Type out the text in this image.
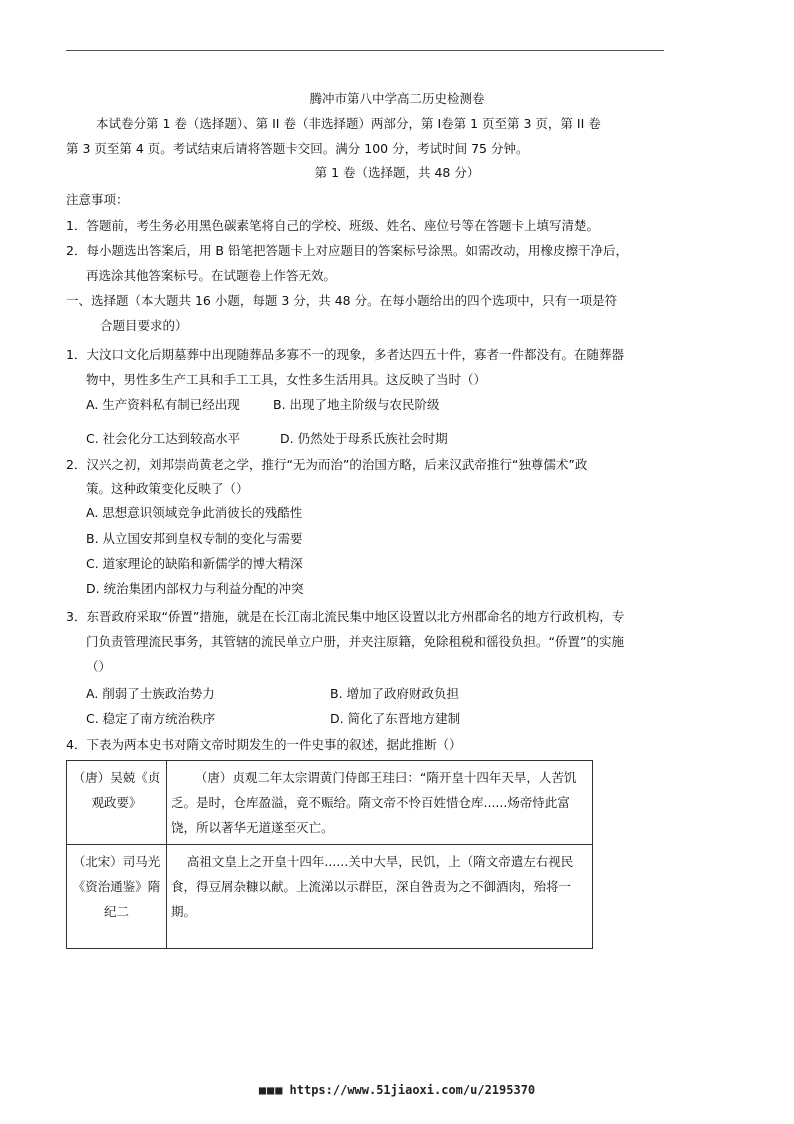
腾冲市第八中学高二历史检测卷
本试卷分第 1 卷（选择题）、第 II 卷（非选择题）两部分，第 Ⅰ卷第 1 页至第 3 页，第 II 卷
第 3 页至第 4 页。考试结束后请将答题卡交回。满分 100 分，考试时间 75 分钟。
第 1 卷（选择题，共 48 分）
注意事项：
1．答题前，考生务必用黑色碳素笔将自己的学校、班级、姓名、座位号等在答题卡上填写清楚。
2．每小题选出答案后，用 B 铅笔把答题卡上对应题目的答案标号涂黑。如需改动，用橡皮擦干净后，
再选涂其他答案标号。在试题卷上作答无效。
一、选择题（本大题共 16 小题，每题 3 分，共 48 分。在每小题给出的四个选项中，只有一项是符
合题目要求的）
1．大汶口文化后期墓葬中出现随葬品多寡不一的现象，多者达四五十件，寡者一件都没有。在随葬器
物中，男性多生产工具和手工工具，女性多生活用具。这反映了当时（）
A. 生产资料私有制已经出现	B. 出现了地主阶级与农民阶级
C. 社会化分工达到较高水平	D. 仍然处于母系氏族社会时期
2．汉兴之初，刘邦崇尚黄老之学，推行“无为而治”的治国方略，后来汉武帝推行“独尊儒术”政
策。这种政策变化反映了（）
A. 思想意识领域竞争此消彼长的残酷性
B. 从立国安邦到皇权专制的变化与需要
C. 道家理论的缺陷和新儒学的博大精深
D. 统治集团内部权力与利益分配的冲突
3．东晋政府采取“侨置”措施，就是在长江南北流民集中地区设置以北方州郡命名的地方行政机构，专
门负责管理流民事务，其管辖的流民单立户册，并夹注原籍，免除租税和徭役负担。“侨置”的实施
（）
A. 削弱了士族政治势力	B. 增加了政府财政负担
C. 稳定了南方统治秩序	D. 简化了东晋地方建制
4．下表为两本史书对隋文帝时期发生的一件史事的叙述，据此推断（）
（唐）吴兢《贞观政要》	（唐）贞观二年太宗谓黄门侍郎王珪曰：“隋开皇十四年天旱，人苦饥乏。是时，仓库盈溢，竟不赈给。隋文帝不怜百姓惜仓库......炀帝恃此富饶，所以著华无道遂至灭亡。
（北宋）司马光《资治通鉴》隋纪二	高祖文皇上之开皇十四年......关中大旱，民饥，上（隋文帝遣左右视民食，得豆屑杂糠以献。上流涕以示群臣，深自咎责为之不御酒肉，殆将一期。
■■■ https://www.51jiaoxi.com/u/2195370
